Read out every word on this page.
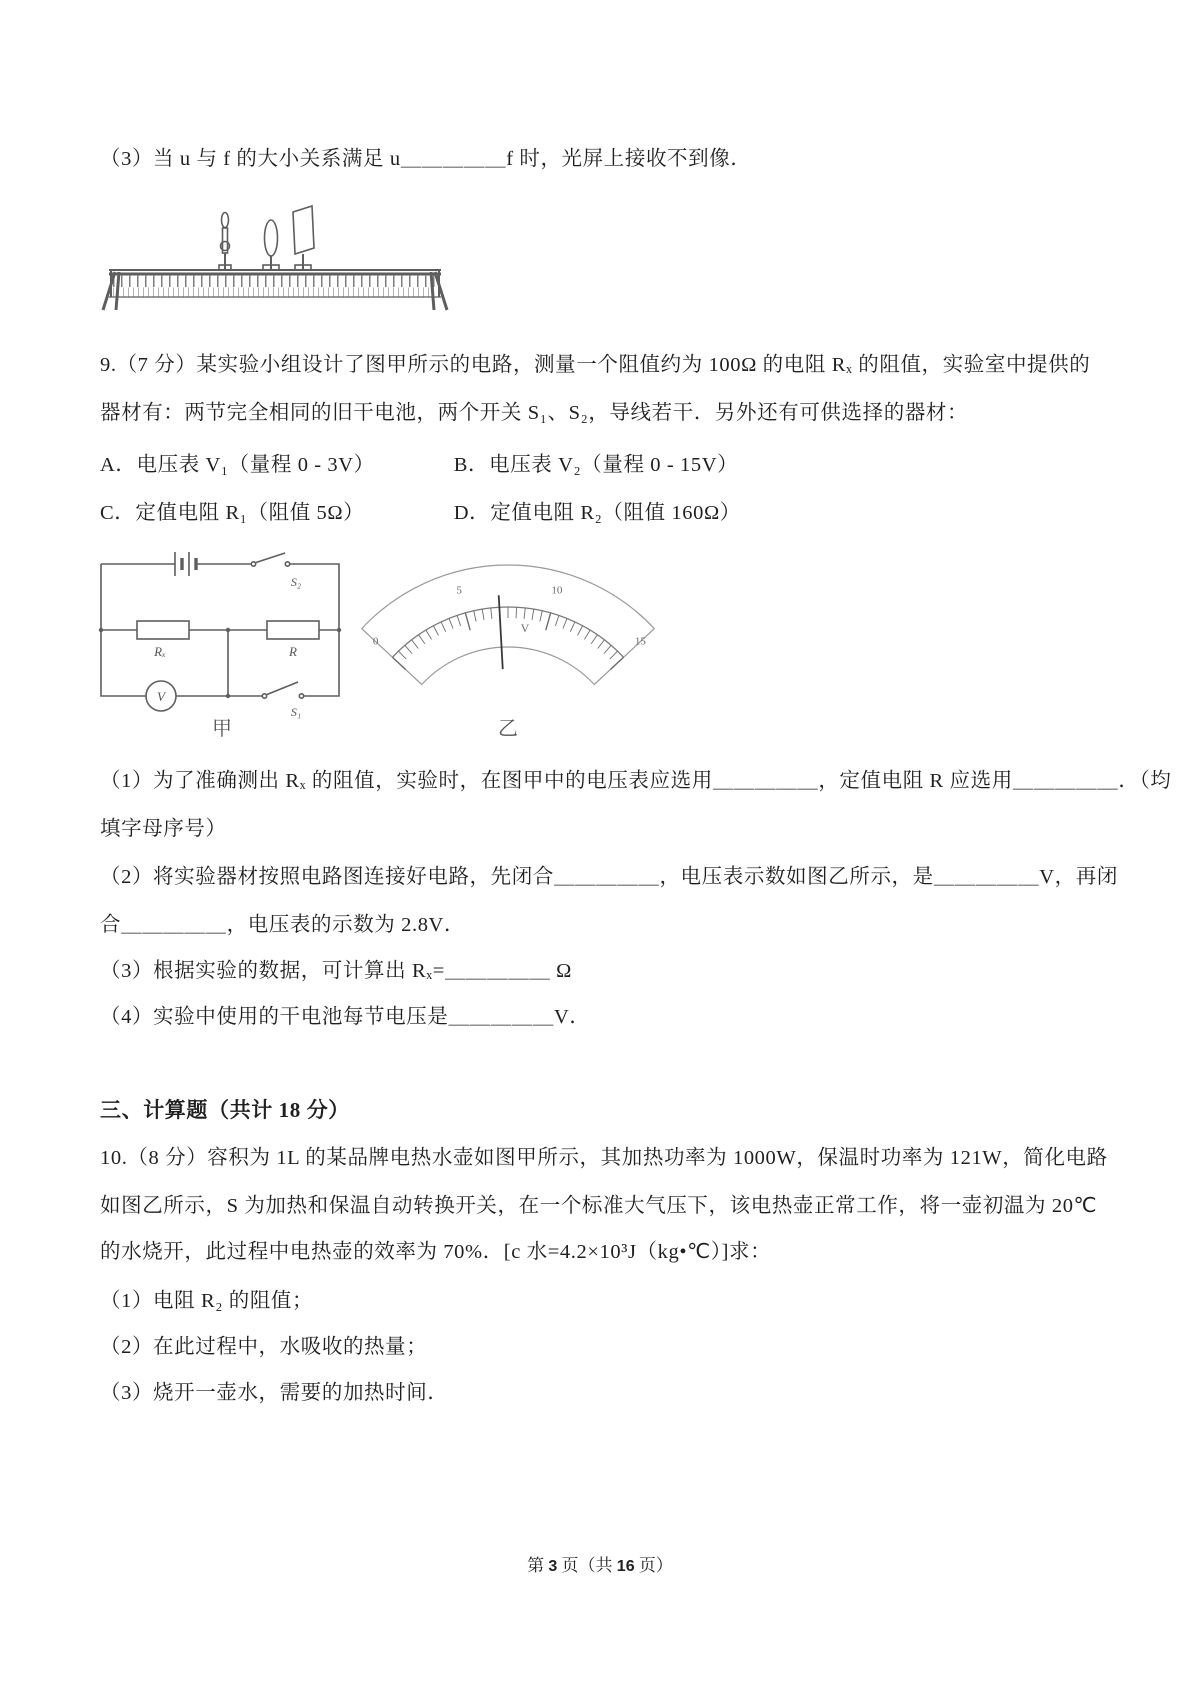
（3）当 u 与 f 的大小关系满足 u＿＿＿＿＿f 时，光屏上接收不到像．

9.（7 分）某实验小组设计了图甲所示的电路，测量一个阻值约为 100Ω 的电阻 Rₓ 的阻值，实验室中提供的

器材有：两节完全相同的旧干电池，两个开关 S₁、S₂，导线若干．另外还有可供选择的器材：

A．电压表 V₁（量程 0 - 3V）	B．电压表 V₂（量程 0 - 15V）

C．定值电阻 R₁（阻值 5Ω）	D．定值电阻 R₂（阻值 160Ω）

Rₓ	R
V
S₂
S₁

甲

0
5	10
15
V

乙

（1）为了准确测出 Rₓ 的阻值，实验时，在图甲中的电压表应选用＿＿＿＿＿，定值电阻 R 应选用＿＿＿＿＿．（均

填字母序号）

（2）将实验器材按照电路图连接好电路，先闭合＿＿＿＿＿，电压表示数如图乙所示，是＿＿＿＿＿V，再闭

合＿＿＿＿＿，电压表的示数为 2.8V．

（3）根据实验的数据，可计算出 Rₓ=＿＿＿＿＿ Ω

（4）实验中使用的干电池每节电压是＿＿＿＿＿V．

三、计算题（共计 18 分）

10.（8 分）容积为 1L 的某品牌电热水壶如图甲所示，其加热功率为 1000W，保温时功率为 121W，简化电路

如图乙所示，S 为加热和保温自动转换开关，在一个标准大气压下，该电热壶正常工作，将一壶初温为 20℃

的水烧开，此过程中电热壶的效率为 70%．[c 水=4.2×10³J（kg•℃）]求：

（1）电阻 R₂ 的阻值；

（2）在此过程中，水吸收的热量；

（3）烧开一壶水，需要的加热时间．

第 3 页（共 16 页）
